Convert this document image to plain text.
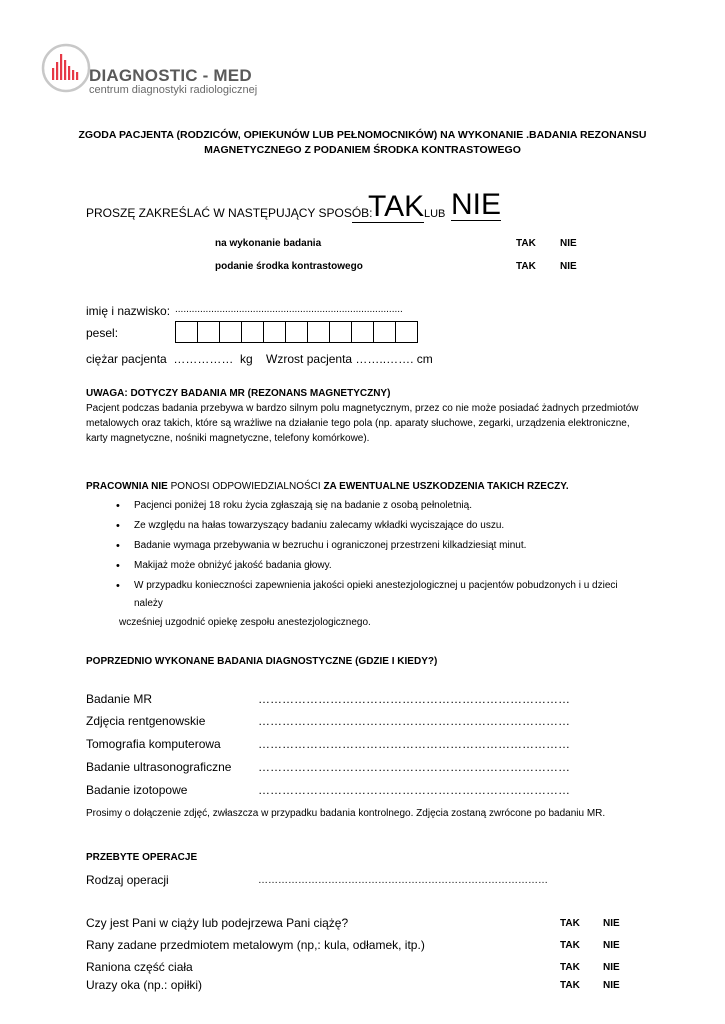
DIAGNOSTIC - MED
centrum diagnostyki radiologicznej
ZGODA PACJENTA (RODZICÓW, OPIEKUNÓW LUB PEŁNOMOCNIKÓW) NA WYKONANIE .BADANIA REZONANSU
MAGNETYCZNEGO Z PODANIEM ŚRODKA KONTRASTOWEGO
PROSZĘ ZAKREŚLAĆ W NASTĘPUJĄCY SPOSÓB:
TAK LUB NIE
na wykonanie badania	TAK NIE
podanie środka kontrastowego	TAK NIE
imię i nazwisko: ..................................................................................
pesel:
ciężar pacjenta  ……………  kg    Wzrost pacjenta ……..……. cm
UWAGA: DOTYCZY BADANIA MR (REZONANS MAGNETYCZNY)
Pacjent podczas badania przebywa w bardzo silnym polu magnetycznym, przez co nie może posiadać żadnych przedmiotów
metalowych oraz takich, które są wrażliwe na działanie tego pola (np. aparaty słuchowe, zegarki, urządzenia elektroniczne,
karty magnetyczne, nośniki magnetyczne, telefony komórkowe).
PRACOWNIA NIE PONOSI ODPOWIEDZIALNOŚCI ZA EWENTUALNE USZKODZENIA TAKICH RZECZY.
• Pacjenci poniżej 18 roku życia zgłaszają się na badanie z osobą pełnoletnią.
• Ze względu na hałas towarzyszący badaniu zalecamy wkładki wyciszające do uszu.
• Badanie wymaga przebywania w bezruchu i ograniczonej przestrzeni kilkadziesiąt minut.
• Makijaż może obniżyć jakość badania głowy.
• W przypadku konieczności zapewnienia jakości opieki anestezjologicznej u pacjentów pobudzonych i u dzieci
należy
wcześniej uzgodnić opiekę zespołu anestezjologicznego.
POPRZEDNIO WYKONANE BADANIA DIAGNOSTYCZNE (GDZIE I KIEDY?)
Badanie MR	……………………………………………………………………
Zdjęcia rentgenowskie	……………………………………………………………………
Tomografia komputerowa	……………………………………………………………………
Badanie ultrasonograficzne ……………………………………………………………………
Badanie izotopowe	……………………………………………………………………
Prosimy o dołączenie zdjęć, zwłaszcza w przypadku badania kontrolnego. Zdjęcia zostaną zwrócone po badaniu MR.
PRZEBYTE OPERACJE
Rodzaj operacji	……………………………………………………………………………
Czy jest Pani w ciąży lub podejrzewa Pani ciążę?	TAK NIE
Rany zadane przedmiotem metalowym (np,: kula, odłamek, itp.)	TAK NIE
Raniona część ciała	TAK NIE
Urazy oka (np.: opiłki)	TAK NIE
